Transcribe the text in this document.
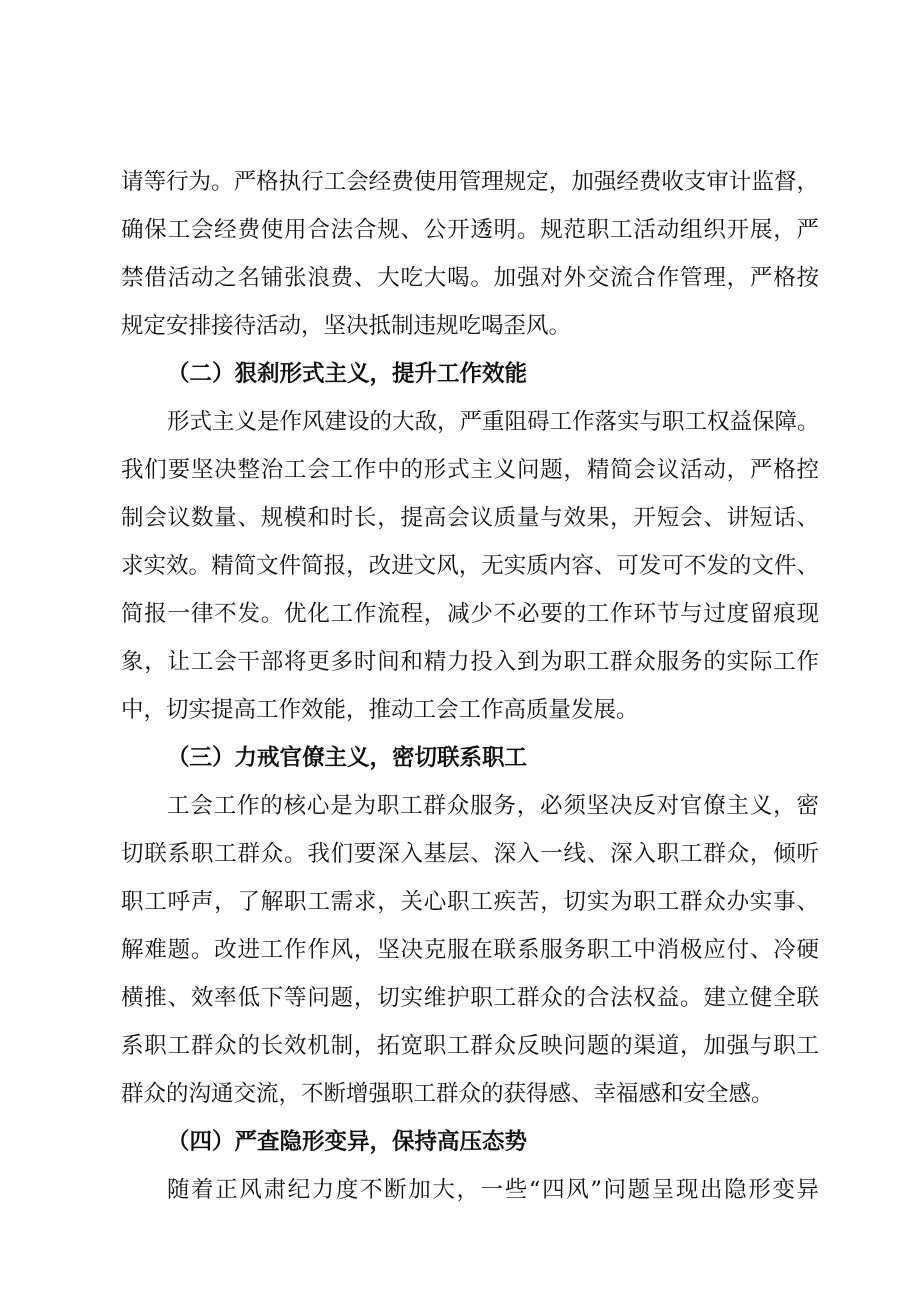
请等行为。严格执行工会经费使用管理规定，加强经费收支审计监督，
确保工会经费使用合法合规、公开透明。规范职工活动组织开展，严
禁借活动之名铺张浪费、大吃大喝。加强对外交流合作管理，严格按
规定安排接待活动，坚决抵制违规吃喝歪风。
（二）狠刹形式主义，提升工作效能
形式主义是作风建设的大敌，严重阻碍工作落实与职工权益保障。
我们要坚决整治工会工作中的形式主义问题，精简会议活动，严格控
制会议数量、规模和时长，提高会议质量与效果，开短会、讲短话、
求实效。精简文件简报，改进文风，无实质内容、可发可不发的文件、
简报一律不发。优化工作流程，减少不必要的工作环节与过度留痕现
象，让工会干部将更多时间和精力投入到为职工群众服务的实际工作
中，切实提高工作效能，推动工会工作高质量发展。
（三）力戒官僚主义，密切联系职工
工会工作的核心是为职工群众服务，必须坚决反对官僚主义，密
切联系职工群众。我们要深入基层、深入一线、深入职工群众，倾听
职工呼声，了解职工需求，关心职工疾苦，切实为职工群众办实事、
解难题。改进工作作风，坚决克服在联系服务职工中消极应付、冷硬
横推、效率低下等问题，切实维护职工群众的合法权益。建立健全联
系职工群众的长效机制，拓宽职工群众反映问题的渠道，加强与职工
群众的沟通交流，不断增强职工群众的获得感、幸福感和安全感。
（四）严查隐形变异，保持高压态势
随着正风肃纪力度不断加大，一些“四风”问题呈现出隐形变异
